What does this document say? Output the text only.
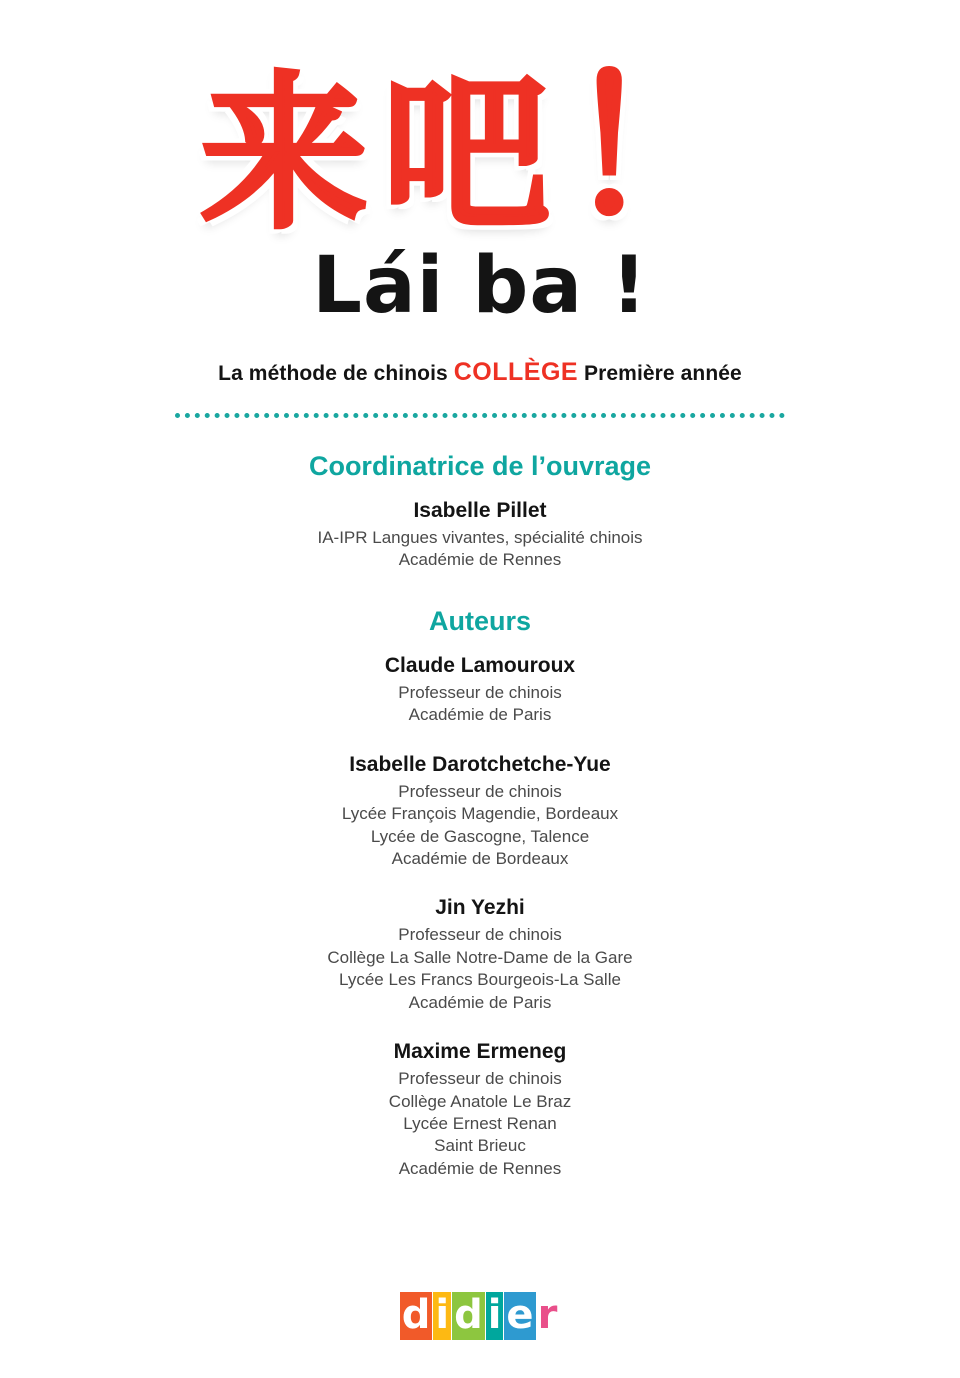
来吧！
Lái ba !
La méthode de chinois COLLÈGE Première année
Coordinatrice de l’ouvrage
Isabelle Pillet
IA-IPR Langues vivantes, spécialité chinois
Académie de Rennes
Auteurs
Claude Lamouroux
Professeur de chinois
Académie de Paris
Isabelle Darotchetche-Yue
Professeur de chinois
Lycée François Magendie, Bordeaux
Lycée de Gascogne, Talence
Académie de Bordeaux
Jin Yezhi
Professeur de chinois
Collège La Salle Notre-Dame de la Gare
Lycée Les Francs Bourgeois-La Salle
Académie de Paris
Maxime Ermeneg
Professeur de chinois
Collège Anatole Le Braz
Lycée Ernest Renan
Saint Brieuc
Académie de Rennes
d i d i e r
